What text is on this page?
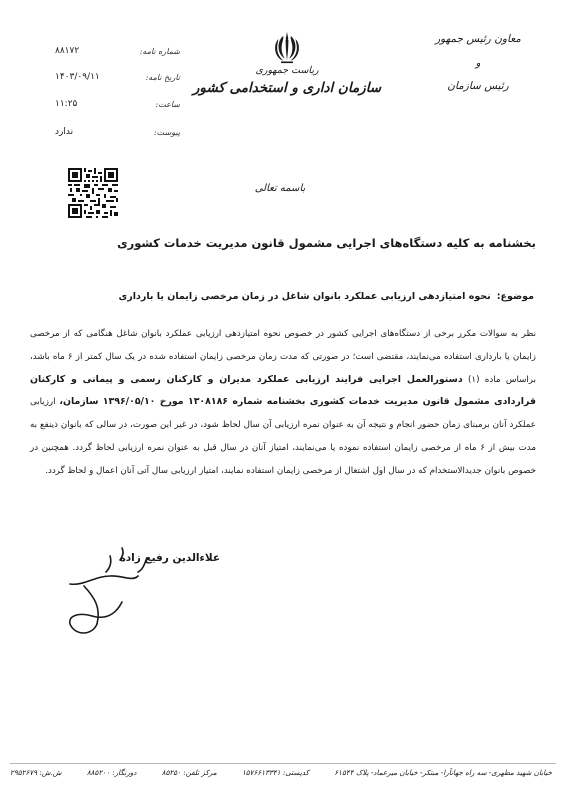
۸۸۱۷۲	شماره نامه:
۱۴۰۳/۰۹/۱۱	تاریخ نامه:
۱۱:۲۵	ساعت:
ندارد	پیوست:
ریاست جمهوری
سازمان اداری و استخدامی کشور
معاون رئیس جمهور
و
رئیس سازمان
باسمه تعالی
بخشنامه به کلیه دستگاه‌های اجرایی مشمول قانون مدیریت خدمات کشوری
موضوع:
نحوه امتیازدهی ارزیابی عملکرد بانوان شاغل در زمان مرخصی زایمان یا بارداری
نظر به سوالات مکرر برخی از دستگاه‌های اجرایی کشور در خصوص نحوه امتیازدهی ارزیابی عملکرد بانوان شاغل هنگامی که از مرخصی زایمان یا بارداری استفاده می‌نمایند، مقتضی است؛ در صورتی که مدت زمان مرخصی زایمان استفاده شده در یک سال کمتر از ۶ ماه باشد، براساس ماده (۱) دستورالعمل اجرایی فرایند ارزیابی عملکرد مدیران و کارکنان رسمی و پیمانی و کارکنان قراردادی مشمول قانون مدیریت خدمات کشوری بخشنامه شماره ۱۳۰۸۱۸۶ مورخ ۱۳۹۶/۰۵/۱۰ سازمان، ارزیابی عملکرد آنان برمبنای زمان حضور انجام و نتیجه آن به عنوان نمره ارزیابی آن سال لحاظ شود، در غیر این صورت، در سالی که بانوان ذینفع به مدت بیش از ۶ ماه از مرخصی زایمان استفاده نموده یا می‌نمایند، امتیاز آنان در سال قبل به عنوان نمره ارزیابی لحاظ گردد. همچنین در خصوص بانوان جدیدالاستخدام که در سال اول اشتغال از مرخصی زایمان استفاده نمایند، امتیاز ارزیابی سال آتی آنان اعمال و لحاظ گردد.
علاءالدین رفیع زاده
خیابان شهید مطهری- سه راه جهانآرا- مبتکر- خیابان میرعماد- پلاک ۶۱۵۴۴
کدپستی: ۱۵۷۶۶۱۳۳۴۱
مرکز تلفن: ۸۵۲۵۰
دورنگار: ۸۸۵۲۰۰
ش.ش: ۲۹۵۲۶۷۹
